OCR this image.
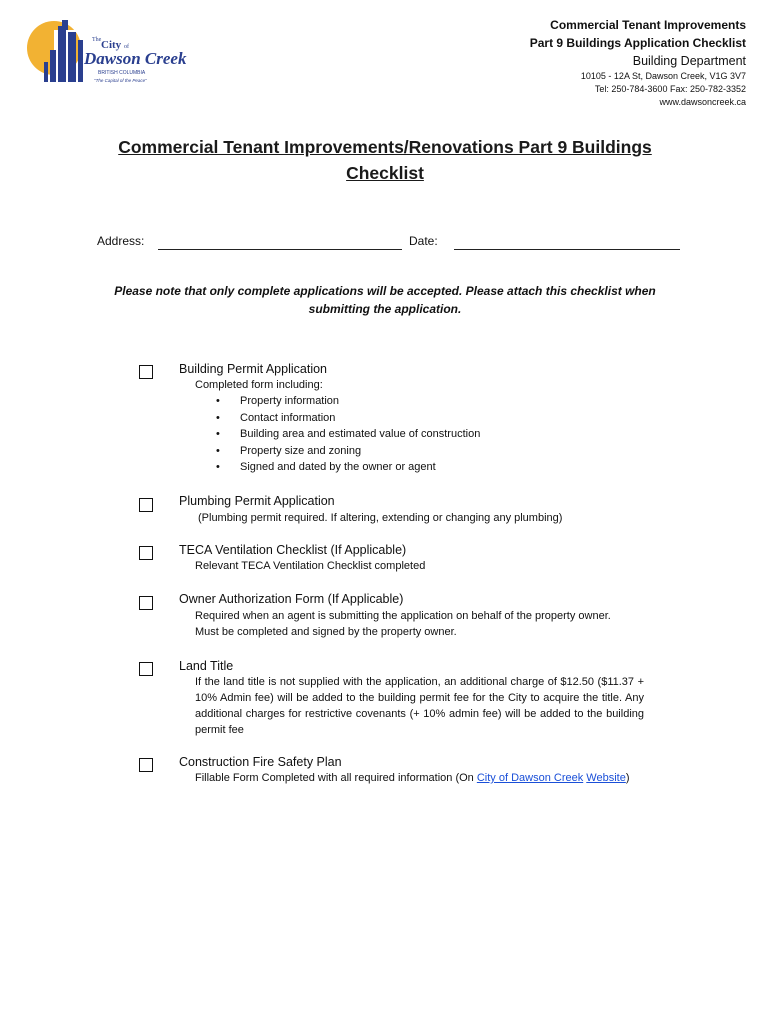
The City of
Dawson Creek
BRITISH COLUMBIA
"The Capital of the Peace"
Commercial Tenant Improvements
Part 9 Buildings Application Checklist
Building Department
10105 - 12A St, Dawson Creek, V1G 3V7
Tel: 250-784-3600 Fax: 250-782-3352
www.dawsoncreek.ca
Commercial Tenant Improvements/Renovations Part 9 Buildings
Checklist
Address:	Date:
Please note that only complete applications will be accepted. Please attach this checklist when
submitting the application.
Building Permit Application
Completed form including:
• Property information
• Contact information
• Building area and estimated value of construction
• Property size and zoning
• Signed and dated by the owner or agent
Plumbing Permit Application
(Plumbing permit required. If altering, extending or changing any plumbing)
TECA Ventilation Checklist (If Applicable)
Relevant TECA Ventilation Checklist completed
Owner Authorization Form (If Applicable)
Required when an agent is submitting the application on behalf of the property owner.
Must be completed and signed by the property owner.
Land Title
If the land title is not supplied with the application, an additional charge of $12.50 ($11.37 + 10% Admin fee) will be added to the building permit fee for the City to acquire the title. Any additional charges for restrictive covenants (+ 10% admin fee) will be added to the building permit fee
Construction Fire Safety Plan
Fillable Form Completed with all required information (On City of Dawson Creek Website)
